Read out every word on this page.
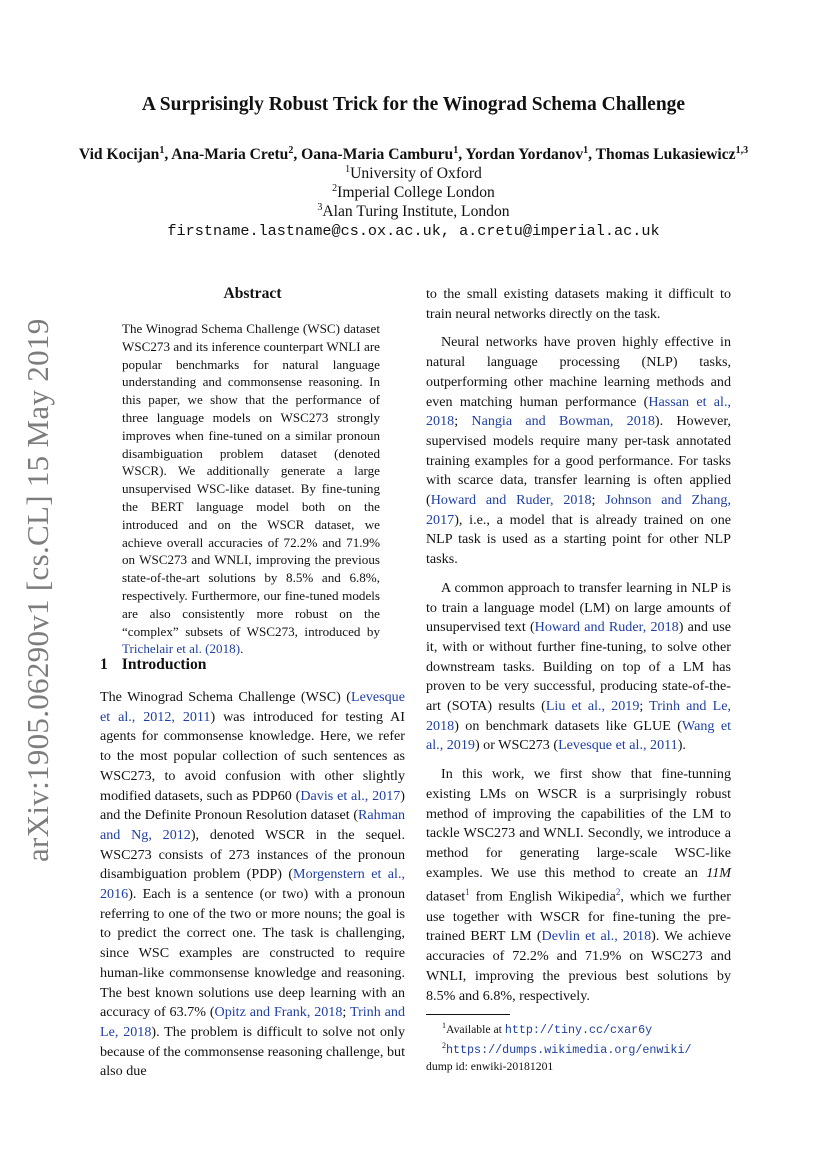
arXiv:1905.06290v1 [cs.CL] 15 May 2019
A Surprisingly Robust Trick for the Winograd Schema Challenge
Vid Kocijan$^1$, Ana-Maria Cretu$^2$, Oana-Maria Camburu$^1$, Yordan Yordanov$^1$, Thomas Lukasiewicz$^{1,3}$
$^1$University of Oxford
$^2$Imperial College London
$^3$Alan Turing Institute, London
firstname.lastname@cs.ox.ac.uk, a.cretu@imperial.ac.uk
Abstract
The Winograd Schema Challenge (WSC) dataset WSC273 and its inference counterpart WNLI are popular benchmarks for natural language understanding and commonsense reasoning. In this paper, we show that the performance of three language models on WSC273 strongly improves when fine-tuned on a similar pronoun disambiguation problem dataset (denoted WSCR). We additionally generate a large unsupervised WSC-like dataset. By fine-tuning the BERT language model both on the introduced and on the WSCR dataset, we achieve overall accuracies of 72.2% and 71.9% on WSC273 and WNLI, improving the previous state-of-the-art solutions by 8.5% and 6.8%, respectively. Furthermore, our fine-tuned models are also consistently more robust on the “complex” subsets of WSC273, introduced by Trichelair et al. (2018).
1 Introduction

The Winograd Schema Challenge (WSC) (Levesque et al., 2012, 2011) was introduced for testing AI agents for commonsense knowledge. Here, we refer to the most popular collection of such sentences as WSC273, to avoid confusion with other slightly modified datasets, such as PDP60 (Davis et al., 2017) and the Definite Pronoun Resolution dataset (Rahman and Ng, 2012), denoted WSCR in the sequel. WSC273 consists of 273 instances of the pronoun disambiguation problem (PDP) (Morgenstern et al., 2016). Each is a sentence (or two) with a pronoun referring to one of the two or more nouns; the goal is to predict the correct one. The task is challenging, since WSC examples are constructed to require human-like commonsense knowledge and reasoning. The best known solutions use deep learning with an accuracy of 63.7% (Opitz and Frank, 2018; Trinh and Le, 2018). The problem is difficult to solve not only because of the commonsense reasoning challenge, but also due

to the small existing datasets making it difficult to train neural networks directly on the task.

Neural networks have proven highly effective in natural language processing (NLP) tasks, outperforming other machine learning methods and even matching human performance (Hassan et al., 2018; Nangia and Bowman, 2018). However, supervised models require many per-task annotated training examples for a good performance. For tasks with scarce data, transfer learning is often applied (Howard and Ruder, 2018; Johnson and Zhang, 2017), i.e., a model that is already trained on one NLP task is used as a starting point for other NLP tasks.

A common approach to transfer learning in NLP is to train a language model (LM) on large amounts of unsupervised text (Howard and Ruder, 2018) and use it, with or without further fine-tuning, to solve other downstream tasks. Building on top of a LM has proven to be very successful, producing state-of-the-art (SOTA) results (Liu et al., 2019; Trinh and Le, 2018) on benchmark datasets like GLUE (Wang et al., 2019) or WSC273 (Levesque et al., 2011).

In this work, we first show that fine-tunning existing LMs on WSCR is a surprisingly robust method of improving the capabilities of the LM to tackle WSC273 and WNLI. Secondly, we introduce a method for generating large-scale WSC-like examples. We use this method to create an 11M dataset$^1$ from English Wikipedia$^2$, which we further use together with WSCR for fine-tuning the pre-trained BERT LM (Devlin et al., 2018). We achieve accuracies of 72.2% and 71.9% on WSC273 and WNLI, improving the previous best solutions by 8.5% and 6.8%, respectively.

$^1$Available at http://tiny.cc/cxar6y
$^2$https://dumps.wikimedia.org/enwiki/
dump id: enwiki-20181201
